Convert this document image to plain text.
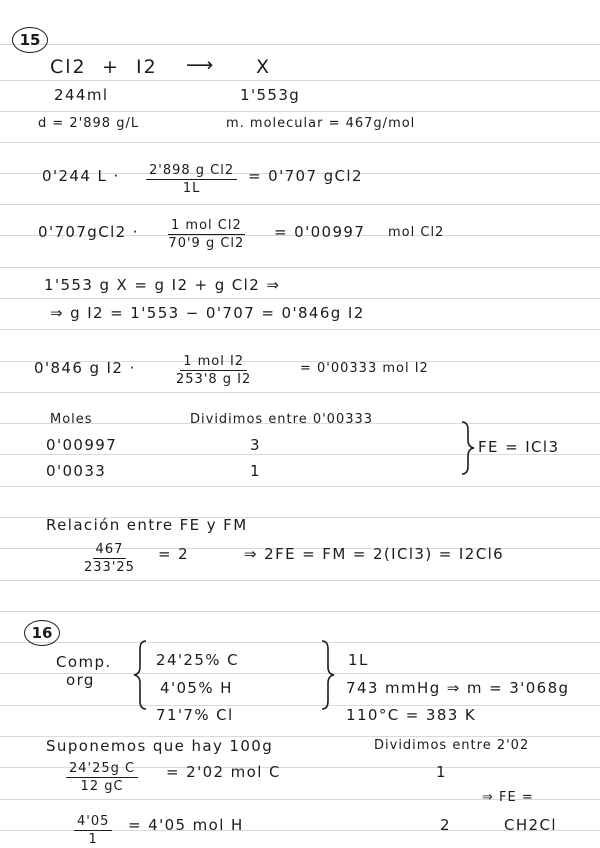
15
Cl2 + I2 ⟶ X
244ml	1'553g
d = 2'898 g/L	m. molecular = 467g/mol
0'244 $L \cdot \frac{\text{2'898 g Cl2}}{1L} = 0'707$ gCl2
0'707gCl2 · 1 mol Cl2
70'9 g Cl2
= 0'00997 mol Cl2
1'553 g X = g I2 + g Cl2 ⇒
⇒ g I2 = 1'553 − 0'707 = 0'846g I2
0'846 g I2 ·	1 mol I2
253'8 g I2
= 0'00333 mol I2
Moles	Dividimos entre 0'00333
0'00997	3
0'0033	1
FE = ICl3
Relación entre FE y FM
$\frac{467}{233'25} = 2$	⇒ 2FE = FM = 2(ICl3) = I2Cl6
16
Comp.
org
24'25% C
4'05% H
71'7% Cl
1L
743 mmHg ⇒ m = 3'068g
110°C = 383 K
Suponemos que hay 100g	Dividimos entre 2'02
$\frac{\text{24'25g C}}{12 gC} = 2'02$ mol C	1
$\frac{4'05}{1} = 4'05$ mol H	2
⇒ FE =
CH2Cl
